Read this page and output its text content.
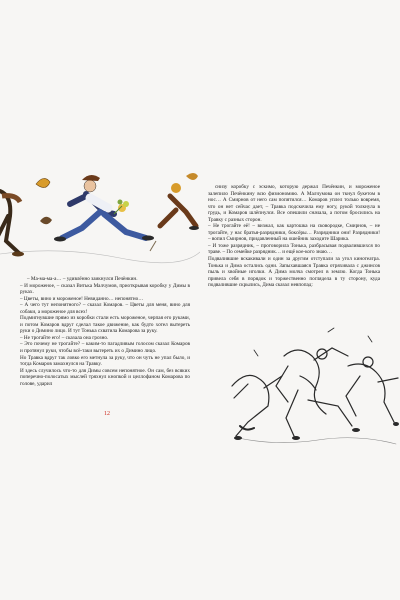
– Ма-ма-ма-а… – удивлённо заикнулся Печёнкин.
– И мороженое, – сказал Витька Малчумов, приоткрывая коробку у Димы в руках.
– Цветы, вино и мороженое! Невиданно… непонятно…
– А чего тут непонятного? – сказал Комаров. – Цветы для меня, вино для собаки, а мороженое для всех!
Подмигнувшие прямо из коробки стали есть мороженое, черпая его руками, и потом Комаров вдруг сделал такое движение, как будто хотел вытереть руки о Димино лицо. И тут Тонька схватила Комарова за руку.
– Не трогайте его! – сказала она грозно.
– Это почему не трогайте? – каким-то пагадливым голосом сказал Комаров и протянул руки, чтобы всё-таки вытереть их о Димино лицо.
Но Травка вдруг так ловко его метнула за руку, что он чуть не упал было, и тогда Комаров замахнулся на Травку.
И здесь случилось что-то для Димы совсем непонятное. Он сам, без всяких поперечно-полосатых мыслей тряхнул кнопкой и целлофаном Комарова по голове, ударил

12

снизу коробку с эскимо, которую держал Печёнкин, и мороженое залепило Печёнкину всю физиономию. А Малчумова он ткнул букетом в нос… А Смирнов от него сам попятился… Комаров уплел только вовремя, что он нет сейчас дает, – Травка подскочила ему ногу, рукой толкнула в грудь, и Комаров шлёпнулся. Все опешили сначала, а потом бросились на Травку с разных сторон.
– Не трогайте её! – визжал, как картошка на сковородке, Смирнов, – не трогайте, у нас братья-разрядники, боксёры… Разрядники они! Разрядники! – вопил Смирнов, придавленный на ошейник заходите Шарика.
– И тоже разрядник, – проговорила Тонька, разбрасывая подвалившихся по траве. – По семейке разрядник… и ещё кое-кого знаю…
Подвалившие вскакивали и один за другим отступали за угол кинотеатра. Тонька и Дима остались одни. Запыхавшаяся Травка отряхивала с джинсов пыль и хвойные иголки. А Дима молча смотрел в землю. Когда Тонька привела себя в порядок и торжественно поглядела в ту сторону, куда подвалившие скрылись, Дима сказал невпопад:
